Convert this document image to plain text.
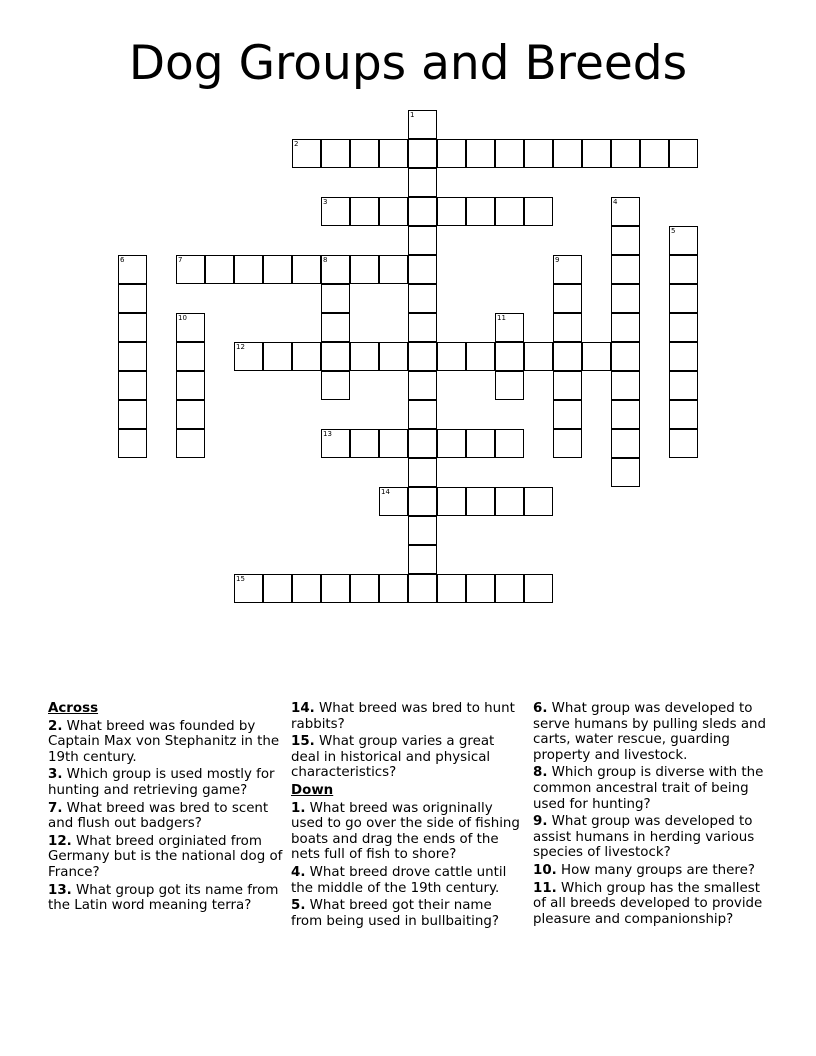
Dog Groups and Breeds
1
2
3	4
5
6	7	8	9
10	11
12
13
14
15

Across

2. What breed was founded by Captain Max von Stephanitz in the 19th century.

3. Which group is used mostly for hunting and retrieving game?

7. What breed was bred to scent and flush out badgers?

12. What breed orginiated from Germany but is the national dog of France?

13. What group got its name from the Latin word meaning terra?

14. What breed was bred to hunt rabbits?

15. What group varies a great deal in historical and physical characteristics?

Down

1. What breed was origninally used to go over the side of fishing boats and drag the ends of the nets full of fish to shore?

4. What breed drove cattle until the middle of the 19th century.

5. What breed got their name from being used in bullbaiting?

6. What group was developed to serve humans by pulling sleds and carts, water rescue, guarding property and livestock.

8. Which group is diverse with the common ancestral trait of being used for hunting?

9. What group was developed to assist humans in herding various species of livestock?

10. How many groups are there?

11. Which group has the smallest of all breeds developed to provide pleasure and companionship?
